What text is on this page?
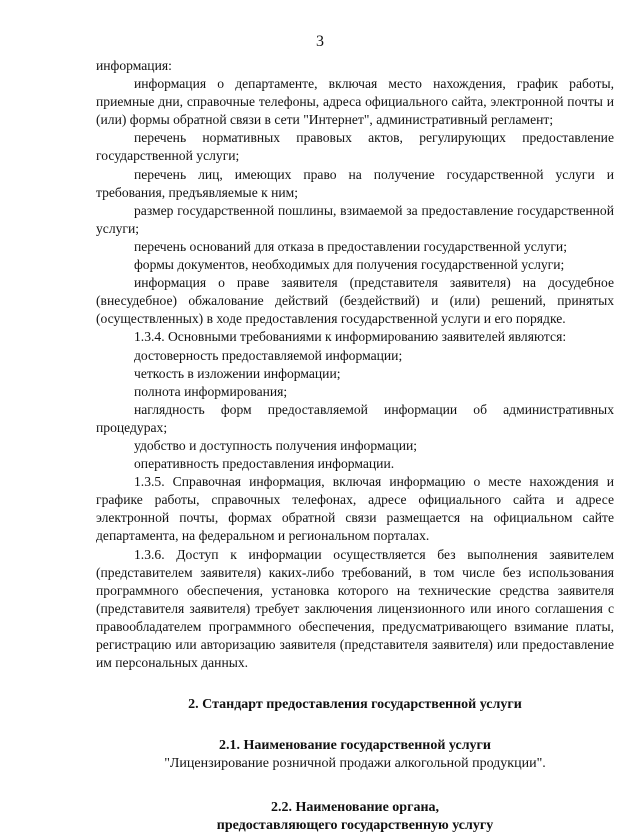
3

информация:

информация о департаменте, включая место нахождения, график работы, приемные дни, справочные телефоны, адреса официального сайта, электронной почты и (или) формы обратной связи в сети "Интернет", административный регламент;

перечень нормативных правовых актов, регулирующих предоставление государственной услуги;

перечень лиц, имеющих право на получение государственной услуги и требования, предъявляемые к ним;

размер государственной пошлины, взимаемой за предоставление государственной услуги;

перечень оснований для отказа в предоставлении государственной услуги;

формы документов, необходимых для получения государственной услуги;

информация о праве заявителя (представителя заявителя) на досудебное (внесудебное) обжалование действий (бездействий) и (или) решений, принятых (осуществленных) в ходе предоставления государственной услуги и его порядке.

1.3.4. Основными требованиями к информированию заявителей являются:

достоверность предоставляемой информации;

четкость в изложении информации;

полнота информирования;

наглядность форм предоставляемой информации об административных процедурах;

удобство и доступность получения информации;

оперативность предоставления информации.

1.3.5. Справочная информация, включая информацию о месте нахождения и графике работы, справочных телефонах, адресе официального сайта и адресе электронной почты, формах обратной связи размещается на официальном сайте департамента, на федеральном и региональном порталах.

1.3.6. Доступ к информации осуществляется без выполнения заявителем (представителем заявителя) каких-либо требований, в том числе без использования программного обеспечения, установка которого на технические средства заявителя (представителя заявителя) требует заключения лицензионного или иного соглашения с правообладателем программного обеспечения, предусматривающего взимание платы, регистрацию или авторизацию заявителя (представителя заявителя) или предоставление им персональных данных.

2. Стандарт предоставления государственной услуги
2.1. Наименование государственной услуги

"Лицензирование розничной продажи алкогольной продукции".

2.2. Наименование органа,
предоставляющего государственную услугу
